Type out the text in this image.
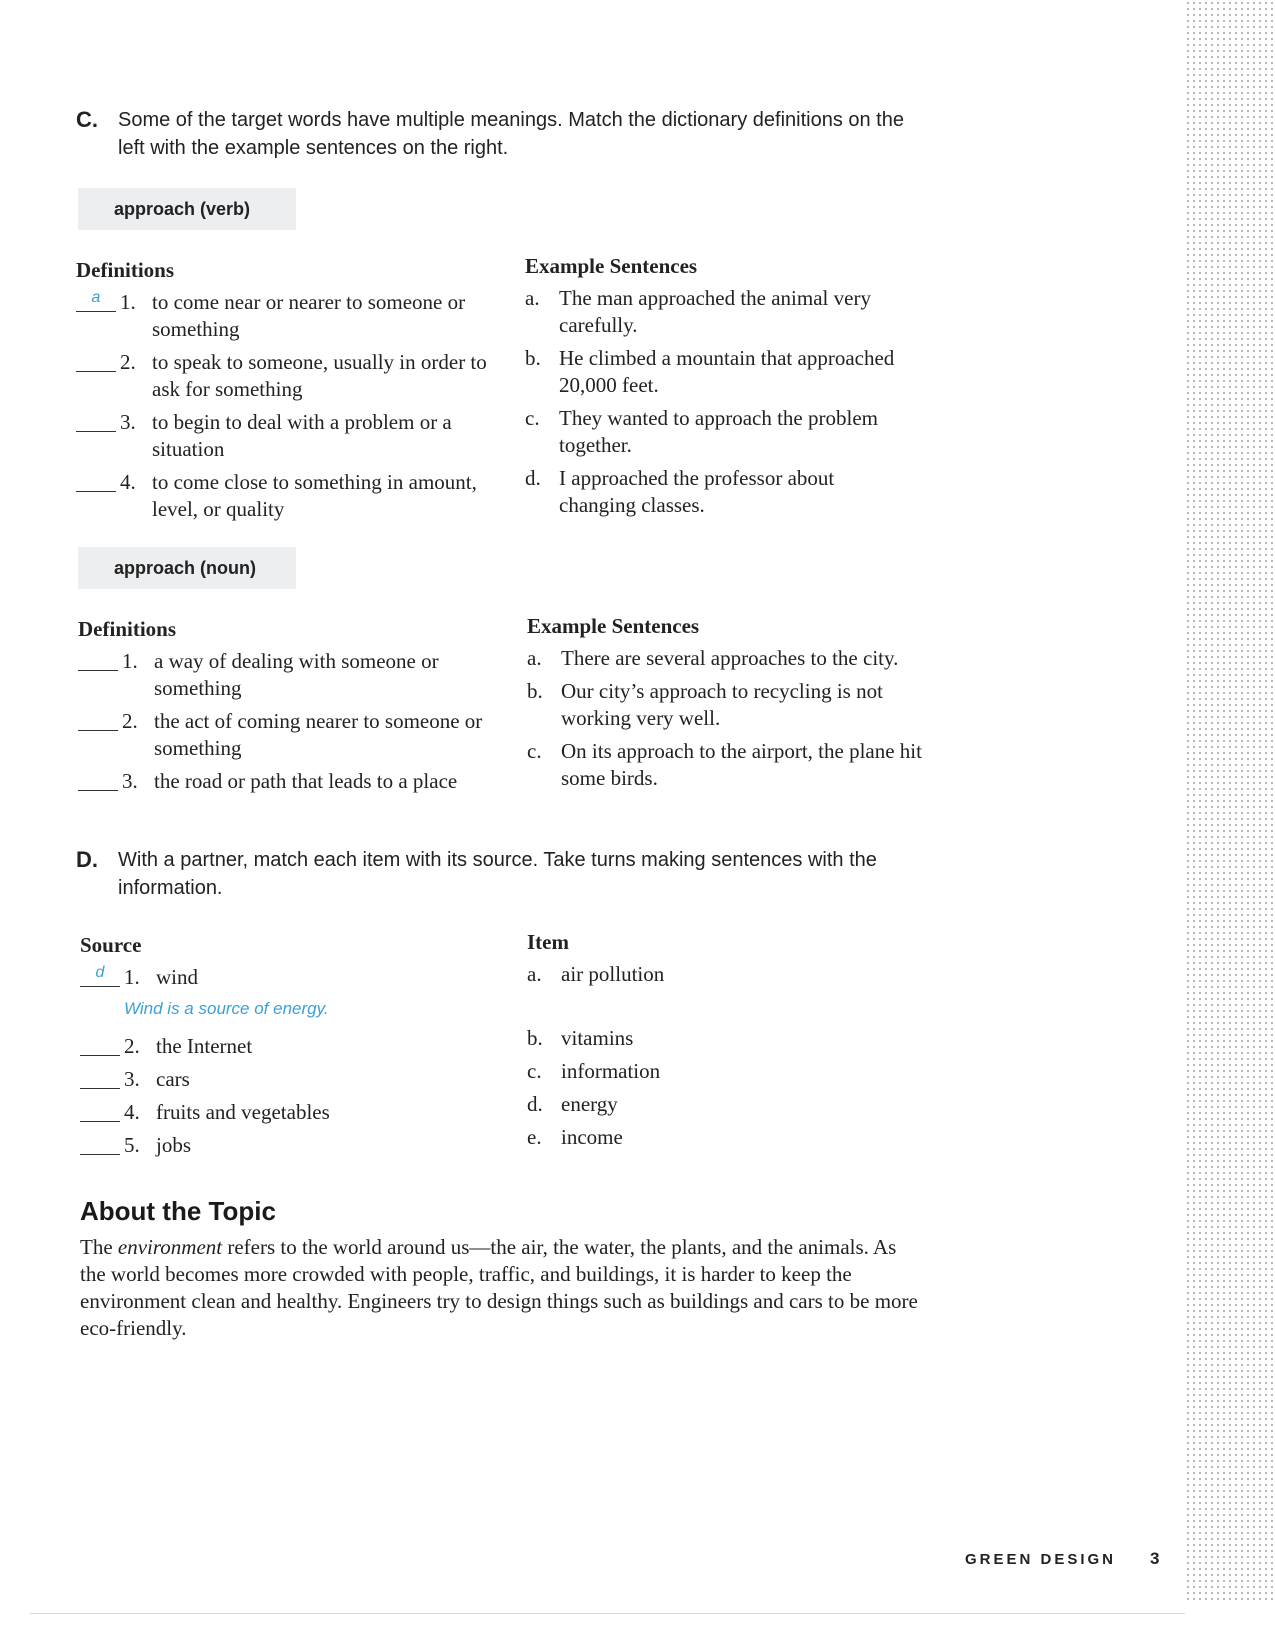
C. Some of the target words have multiple meanings. Match the dictionary definitions on the left with the example sentences on the right.
approach (verb)
Definitions
a 1. to come near or nearer to someone or something
2. to speak to someone, usually in order to ask for something
3. to begin to deal with a problem or a situation
4. to come close to something in amount, level, or quality
Example Sentences
a. The man approached the animal very carefully.
b. He climbed a mountain that approached 20,000 feet.
c. They wanted to approach the problem together.
d. I approached the professor about changing classes.
approach (noun)
Definitions
1. a way of dealing with someone or something
2. the act of coming nearer to someone or something
3. the road or path that leads to a place
Example Sentences
a. There are several approaches to the city.
b. Our city’s approach to recycling is not working very well.
c. On its approach to the airport, the plane hit some birds.
D. With a partner, match each item with its source. Take turns making sentences with the information.
Source
d 1. wind
Wind is a source of energy.
2. the Internet
3. cars
4. fruits and vegetables
5. jobs
Item
a. air pollution
b. vitamins
c. information
d. energy
e. income
About the Topic
The environment refers to the world around us—the air, the water, the plants, and the animals. As the world becomes more crowded with people, traffic, and buildings, it is harder to keep the environment clean and healthy. Engineers try to design things such as buildings and cars to be more eco-friendly.
GREEN DESIGN 3
